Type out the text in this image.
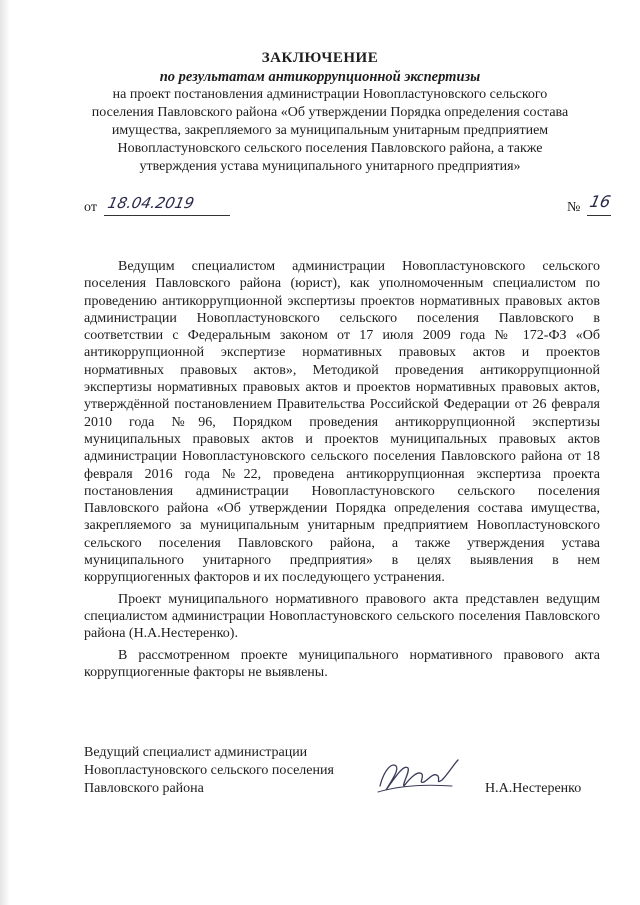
ЗАКЛЮЧЕНИЕ
по результатам антикоррупционной экспертизы
на проект постановления администрации Новопластуновского сельского поселения Павловского района «Об утверждении Порядка определения состава имущества, закрепляемого за муниципальным унитарным предприятием Новопластуновского сельского поселения Павловского района, а также утверждения устава муниципального унитарного предприятия»
от 18.04.2019	№ 16

Ведущим специалистом администрации Новопластуновского сельского поселения Павловского района (юрист), как уполномоченным специалистом по проведению антикоррупционной экспертизы проектов нормативных правовых актов администрации Новопластуновского сельского поселения Павловского в соответствии с Федеральным законом от 17 июля 2009 года № 172-ФЗ «Об антикоррупционной экспертизе нормативных правовых актов и проектов нормативных правовых актов», Методикой проведения антикоррупционной экспертизы нормативных правовых актов и проектов нормативных правовых актов, утверждённой постановлением Правительства Российской Федерации от 26 февраля 2010 года №96, Порядком проведения антикоррупционной экспертизы муниципальных правовых актов и проектов муниципальных правовых актов администрации Новопластуновского сельского поселения Павловского района от 18 февраля 2016 года №22, проведена антикоррупционная экспертиза проекта постановления администрации Новопластуновского сельского поселения Павловского района «Об утверждении Порядка определения состава имущества, закрепляемого за муниципальным унитарным предприятием Новопластуновского сельского поселения Павловского района, а также утверждения устава муниципального унитарного предприятия» в целях выявления в нем коррупциогенных факторов и их последующего устранения.

Проект муниципального нормативного правового акта представлен ведущим специалистом администрации Новопластуновского сельского поселения Павловского района (Н.А.Нестеренко).

В рассмотренном проекте муниципального нормативного правового акта коррупциогенные факторы не выявлены.

Ведущий специалист администрации
Новопластуновского сельского поселения
Павловского района	Н.А.Нестеренко
